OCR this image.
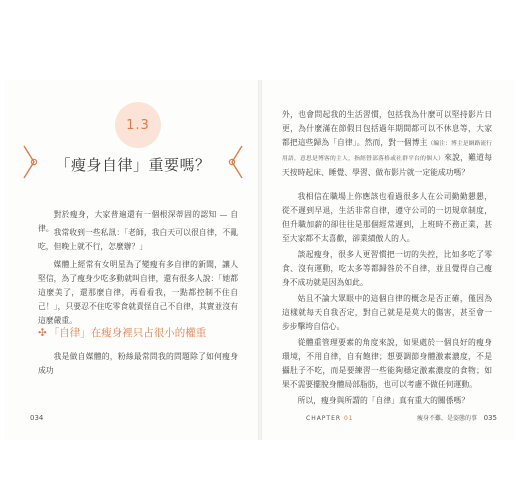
1.3
「瘦身自律」重要嗎？

對於瘦身，大家普遍還有一個根深蒂固的認知 — 自律。 我常收到一些私訊：「老師，我白天可以很自律，不亂吃，但晚上就不行，怎麼辦？」

媒體上經常有女明星為了變瘦有多自律的新聞，讓人堅信，為了瘦身少吃多動就叫自律，還有很多人說：「她都這麼美了，還那麼自律，再看看我，一點都控制不住自己！」，只要忍不住吃零食就責怪自己不自律，其實並沒有這麼嚴重。

✣ 「自律」在瘦身裡只占很小的權重

我是做自媒體的，粉絲最常問我的問題除了如何瘦身成功

034

外，也會問起我的生活習慣，包括我為什麼可以堅持影片日更，為什麼滿在節假日包括過年期間都可以不休息等，大家都把這些歸為「自律」。然而，對一個博主（編注：博主是網路流行用語，意思是博客的主人，指經營部落格或社群平台的個人）來說，難道每天按時起床、睡覺、學習、做布影片就一定能成功嗎？

我相信在職場上你應該也看過很多人在公司勤勤懇懇，從不遲到早退，生活非常自律，遵守公司的一切規章制度，但升職加薪的卻往往是那個經常遲到，上班時不務正業，甚至大家都不太喜歡，卻業績傲人的人。

談起瘦身，很多人更習慣把一切的失控，比如多吃了零食、沒有運動，吃太多等都歸咎於不自律，並且覺得自己瘦身不成功就是因為如此。

姑且不論大眾眼中的這個自律的概念是否正確，僅因為這樣就每天自我否定，對自己就是是莫大的傷害，甚至會一步步擊垮自信心。

從體重管理要素的角度來說，如果處於一個良好的瘦身環境，不用自律，自有飽律；想要調節身體激素濃度，不是攝肚子不吃，而是要練習一些能夠穩定激素濃度的食物；如果不需要擺脫身體局部脂肪，也可以考慮不做任何運動。

所以，瘦身與所謂的「自律」真有重大的關係嗎？

CHAPTER 01	瘦身不難，是姿態的事 035
